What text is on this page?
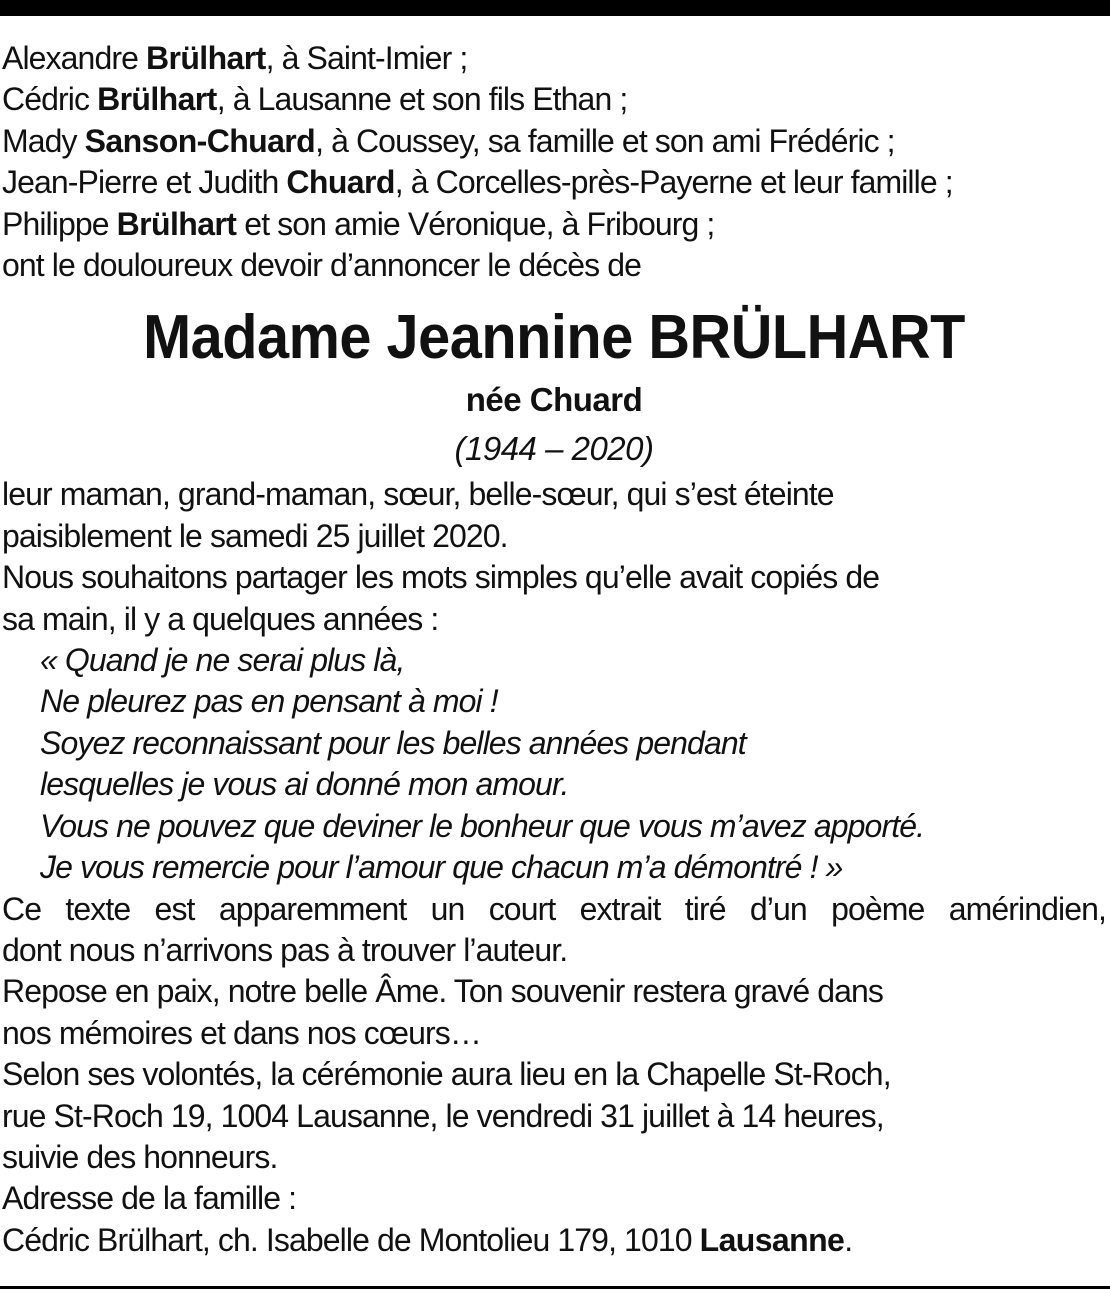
Alexandre Brülhart, à Saint-Imier ;
Cédric Brülhart, à Lausanne et son fils Ethan ;
Mady Sanson-Chuard, à Coussey, sa famille et son ami Frédéric ;
Jean-Pierre et Judith Chuard, à Corcelles-près-Payerne et leur famille ;
Philippe Brülhart et son amie Véronique, à Fribourg ;
ont le douloureux devoir d’annoncer le décès de
Madame Jeannine BRÜLHART
née Chuard
(1944 – 2020)
leur maman, grand-maman, sœur, belle-sœur, qui s’est éteinte
paisiblement le samedi 25 juillet 2020.
Nous souhaitons partager les mots simples qu’elle avait copiés de
sa main, il y a quelques années :
« Quand je ne serai plus là,
Ne pleurez pas en pensant à moi !
Soyez reconnaissant pour les belles années pendant
lesquelles je vous ai donné mon amour.
Vous ne pouvez que deviner le bonheur que vous m’avez apporté.
Je vous remercie pour l’amour que chacun m’a démontré ! »
Ce texte est apparemment un court extrait tiré d’un poème amérindien,
dont nous n’arrivons pas à trouver l’auteur.
Repose en paix, notre belle Âme. Ton souvenir restera gravé dans
nos mémoires et dans nos cœurs…
Selon ses volontés, la cérémonie aura lieu en la Chapelle St-Roch,
rue St-Roch 19, 1004 Lausanne, le vendredi 31 juillet à 14 heures,
suivie des honneurs.
Adresse de la famille :
Cédric Brülhart, ch. Isabelle de Montolieu 179, 1010 Lausanne.
